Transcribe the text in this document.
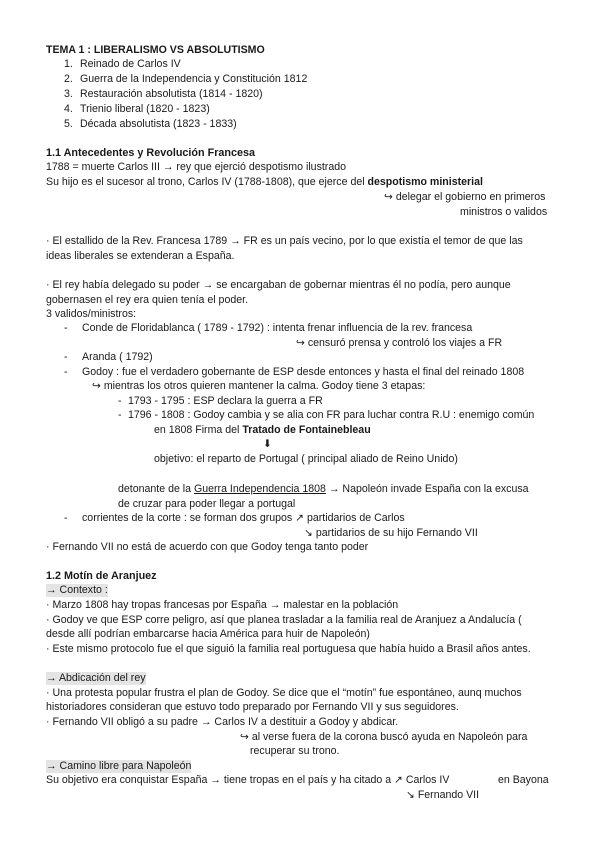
TEMA 1 : LIBERALISMO VS ABSOLUTISMO
1. Reinado de Carlos IV
2. Guerra de la Independencia y Constitución 1812
3. Restauración absolutista (1814 - 1820)
4. Trienio liberal (1820 - 1823)
5. Década absolutista (1823 - 1833)
1.1 Antecedentes y Revolución Francesa
1788 = muerte Carlos III → rey que ejerció despotismo ilustrado
Su hijo es el sucesor al trono, Carlos IV (1788-1808), que ejerce del despotismo ministerial
↪ delegar el gobierno en primeros
ministros o validos
· El estallido de la Rev. Francesa 1789 → FR es un país vecino, por lo que existía el temor de que las
ideas liberales se extenderan a España.
· El rey había delegado su poder → se encargaban de gobernar mientras él no podía, pero aunque
gobernasen el rey era quien tenía el poder.
3 validos/ministros:
- Conde de Floridablanca ( 1789 - 1792) : intenta frenar influencia de la rev. francesa
↪ censuró prensa y controló los viajes a FR
- Aranda ( 1792)
- Godoy : fue el verdadero gobernante de ESP desde entonces y hasta el final del reinado 1808
↪ mientras los otros quieren mantener la calma. Godoy tiene 3 etapas:
- 1793 - 1795 : ESP declara la guerra a FR
- 1796 - 1808 : Godoy cambia y se alia con FR para luchar contra R.U : enemigo común
en 1808 Firma del Tratado de Fontainebleau
⬇
objetivo: el reparto de Portugal ( principal aliado de Reino Unido)
detonante de la Guerra Independencia 1808 → Napoleón invade España con la excusa
de cruzar para poder llegar a portugal
- corrientes de la corte : se forman dos grupos ↗ partidarios de Carlos
↘ partidarios de su hijo Fernando VII
· Fernando VII no está de acuerdo con que Godoy tenga tanto poder
1.2 Motín de Aranjuez
→ Contexto :
· Marzo 1808 hay tropas francesas por España → malestar en la población
· Godoy ve que ESP corre peligro, así que planea trasladar a la familia real de Aranjuez a Andalucía (
desde allí podrían embarcarse hacia América para huir de Napoleón)
· Este mismo protocolo fue el que siguió la familia real portuguesa que había huido a Brasil años antes.
→ Abdicación del rey
· Una protesta popular frustra el plan de Godoy. Se dice que el “motín” fue espontáneo, aunq muchos
historiadores consideran que estuvo todo preparado por Fernando VII y sus seguidores.
· Fernando VII obligó a su padre → Carlos IV a destituir a Godoy y abdicar.
↪ al verse fuera de la corona buscó ayuda en Napoleón para
recuperar su trono.
→ Camino libre para Napoleón
Su objetivo era conquistar España → tiene tropas en el país y ha citado a ↗ Carlos IV	en Bayona
↘ Fernando VII
